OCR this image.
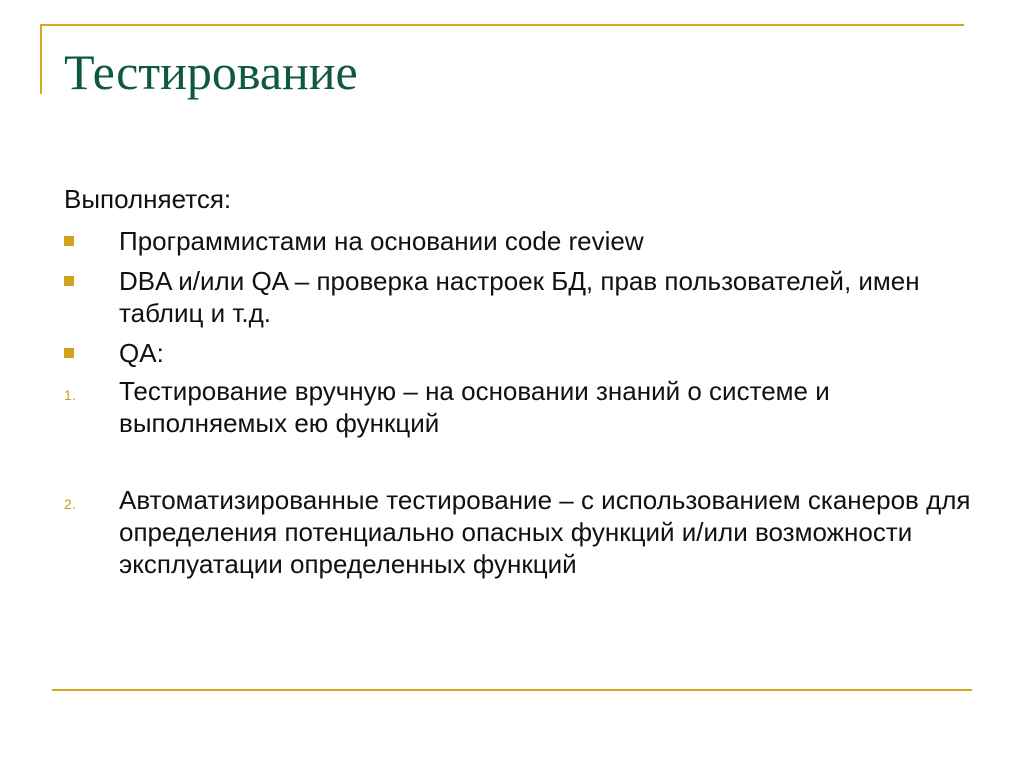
Тестирование
Выполняется:
Программистами на основании code review
DBA и/или QA – проверка настроек БД, прав пользователей, имен таблиц и т.д.
QA:
1. Тестирование вручную – на основании знаний о системе и выполняемых ею функций
2. Автоматизированные тестирование – с использованием сканеров для определения потенциально опасных функций и/или возможности эксплуатации определенных функций
